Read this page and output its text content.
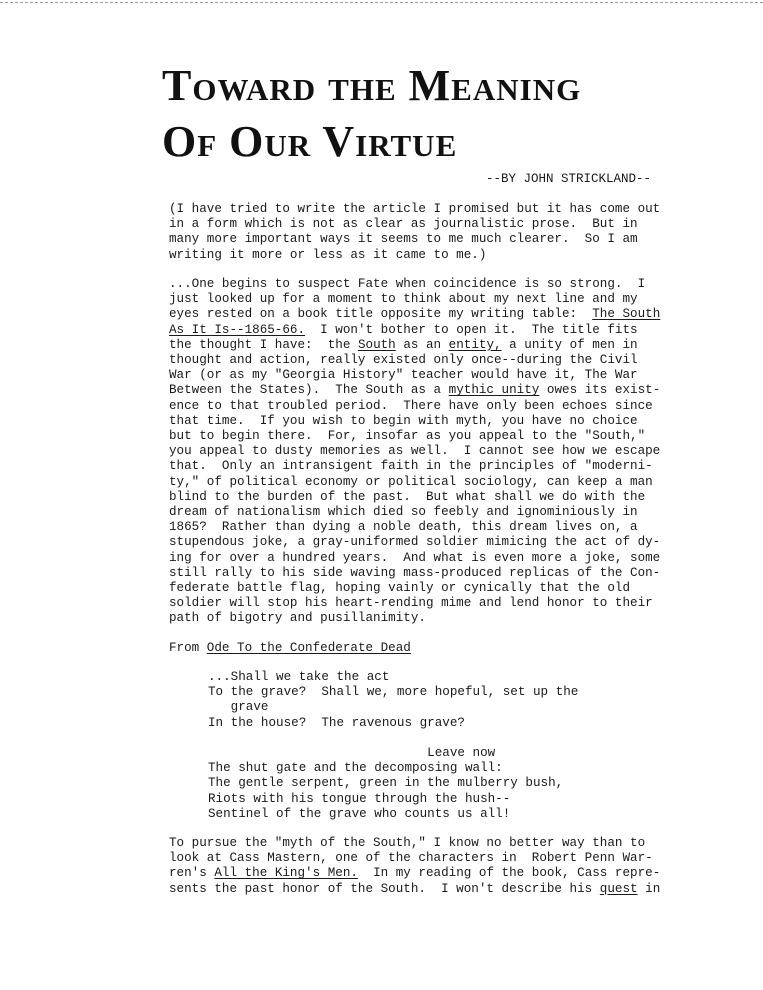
Toward the Meaning
Of Our Virtue
--BY JOHN STRICKLAND--
(I have tried to write the article I promised but it has come out
in a form which is not as clear as journalistic prose.  But in
many more important ways it seems to me much clearer.  So I am
writing it more or less as it came to me.)
...One begins to suspect Fate when coincidence is so strong.  I
just looked up for a moment to think about my next line and my
eyes rested on a book title opposite my writing table: The South
As It Is--1865-66. I won't bother to open it.  The title fits
the thought I have:  the South as an entity, a unity of men in
thought and action, really existed only once--during the Civil
War (or as my "Georgia History" teacher would have it, The War
Between the States).  The South as a mythic unity owes its exist-
ence to that troubled period.  There have only been echoes since
that time.  If you wish to begin with myth, you have no choice
but to begin there.  For, insofar as you appeal to the "South,"
you appeal to dusty memories as well.  I cannot see how we escape
that.  Only an intransigent faith in the principles of "moderni-
ty," of political economy or political sociology, can keep a man
blind to the burden of the past.  But what shall we do with the
dream of nationalism which died so feebly and ignominiously in
1865?  Rather than dying a noble death, this dream lives on, a
stupendous joke, a gray-uniformed soldier mimicing the act of dy-
ing for over a hundred years.  And what is even more a joke, some
still rally to his side waving mass-produced replicas of the Con-
federate battle flag, hoping vainly or cynically that the old
soldier will stop his heart-rending mime and lend honor to their
path of bigotry and pusillanimity.
From Ode To the Confederate Dead
...Shall we take the act
To the grave?  Shall we, more hopeful, set up the
grave
In the house?  The ravenous grave?

Leave now
The shut gate and the decomposing wall:
The gentle serpent, green in the mulberry bush,
Riots with his tongue through the hush--
Sentinel of the grave who counts us all!
To pursue the "myth of the South," I know no better way than to
look at Cass Mastern, one of the characters in  Robert Penn War-
ren's All the King's Men. In my reading of the book, Cass repre-
sents the past honor of the South.  I won't describe his quest in
